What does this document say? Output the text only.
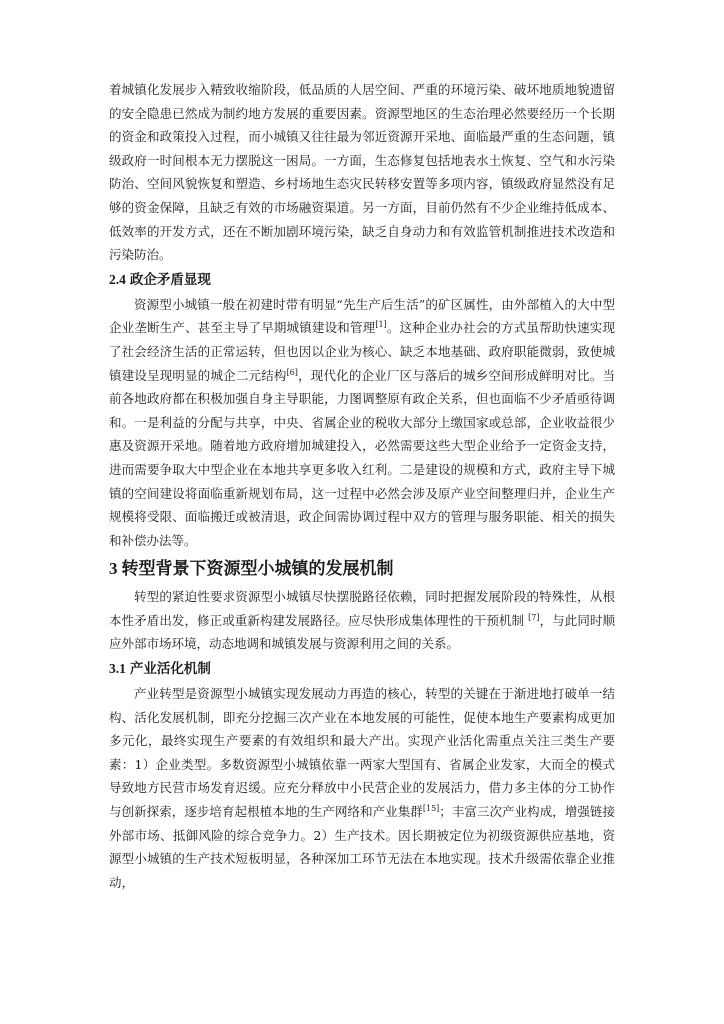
着城镇化发展步入精致收缩阶段，低品质的人居空间、严重的环境污染、破坏地质地貌遗留的安全隐患已然成为制约地方发展的重要因素。资源型地区的生态治理必然要经历一个长期的资金和政策投入过程，而小城镇又往往最为邻近资源开采地、面临最严重的生态问题，镇级政府一时间根本无力摆脱这一困局。一方面，生态修复包括地表水土恢复、空气和水污染防治、空间风貌恢复和塑造、乡村场地生态灾民转移安置等多项内容，镇级政府显然没有足够的资金保障，且缺乏有效的市场融资渠道。另一方面，目前仍然有不少企业维持低成本、低效率的开发方式，还在不断加剧环境污染，缺乏自身动力和有效监管机制推进技术改造和污染防治。

2.4 政企矛盾显现

资源型小城镇一般在初建时带有明显“先生产后生活”的矿区属性，由外部植入的大中型企业垄断生产、甚至主导了早期城镇建设和管理[1]。这种企业办社会的方式虽帮助快速实现了社会经济生活的正常运转，但也因以企业为核心、缺乏本地基础、政府职能微弱，致使城镇建设呈现明显的城企二元结构[6]，现代化的企业厂区与落后的城乡空间形成鲜明对比。当前各地政府都在积极加强自身主导职能，力图调整原有政企关系，但也面临不少矛盾亟待调和。一是利益的分配与共享，中央、省属企业的税收大部分上缴国家或总部，企业收益很少惠及资源开采地。随着地方政府增加城建投入，必然需要这些大型企业给予一定资金支持，进而需要争取大中型企业在本地共享更多收入红利。二是建设的规模和方式，政府主导下城镇的空间建设将面临重新规划布局，这一过程中必然会涉及原产业空间整理归并，企业生产规模将受限、面临搬迁或被清退，政企间需协调过程中双方的管理与服务职能、相关的损失和补偿办法等。

3 转型背景下资源型小城镇的发展机制

转型的紧迫性要求资源型小城镇尽快摆脱路径依赖，同时把握发展阶段的特殊性，从根本性矛盾出发，修正或重新构建发展路径。应尽快形成集体理性的干预机制 [7]，与此同时顺应外部市场环境，动态地调和城镇发展与资源利用之间的关系。

3.1 产业活化机制

产业转型是资源型小城镇实现发展动力再造的核心，转型的关键在于渐进地打破单一结构、活化发展机制，即充分挖掘三次产业在本地发展的可能性，促使本地生产要素构成更加多元化，最终实现生产要素的有效组织和最大产出。实现产业活化需重点关注三类生产要素：1）企业类型。多数资源型小城镇依靠一两家大型国有、省属企业发家，大而全的模式导致地方民营市场发育迟缓。应充分释放中小民营企业的发展活力，借力多主体的分工协作与创新探索，逐步培育起根植本地的生产网络和产业集群[15]；丰富三次产业构成，增强链接外部市场、抵御风险的综合竞争力。2）生产技术。因长期被定位为初级资源供应基地，资源型小城镇的生产技术短板明显，各种深加工环节无法在本地实现。技术升级需依靠企业推动，
